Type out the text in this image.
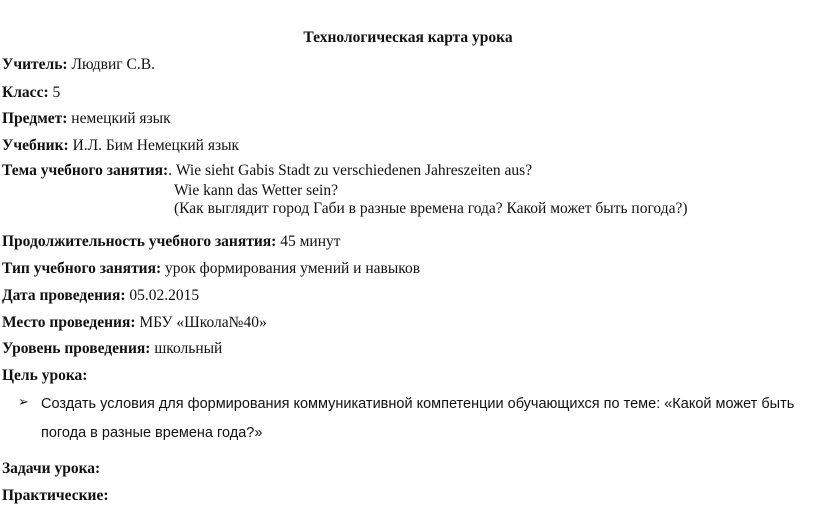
Технологическая карта урока
Учитель: Людвиг С.В.
Класс: 5
Предмет: немецкий язык
Учебник: И.Л. Бим Немецкий язык
Тема учебного занятия:. Wie sieht Gabis Stadt zu verschiedenen Jahreszeiten aus?
Wie kann das Wetter sein?
(Как выглядит город Габи в разные времена года? Какой может быть погода?)
Продолжительность учебного занятия: 45 минут
Тип учебного занятия: урок формирования умений и навыков
Дата проведения: 05.02.2015
Место проведения: МБУ «Школа№40»
Уровень проведения: школьный
Цель урока:
➢ Создать условия для формирования коммуникативной компетенции обучающихся по теме: «Какой может быть
погода в разные времена года?»
Задачи урока:
Практические:
